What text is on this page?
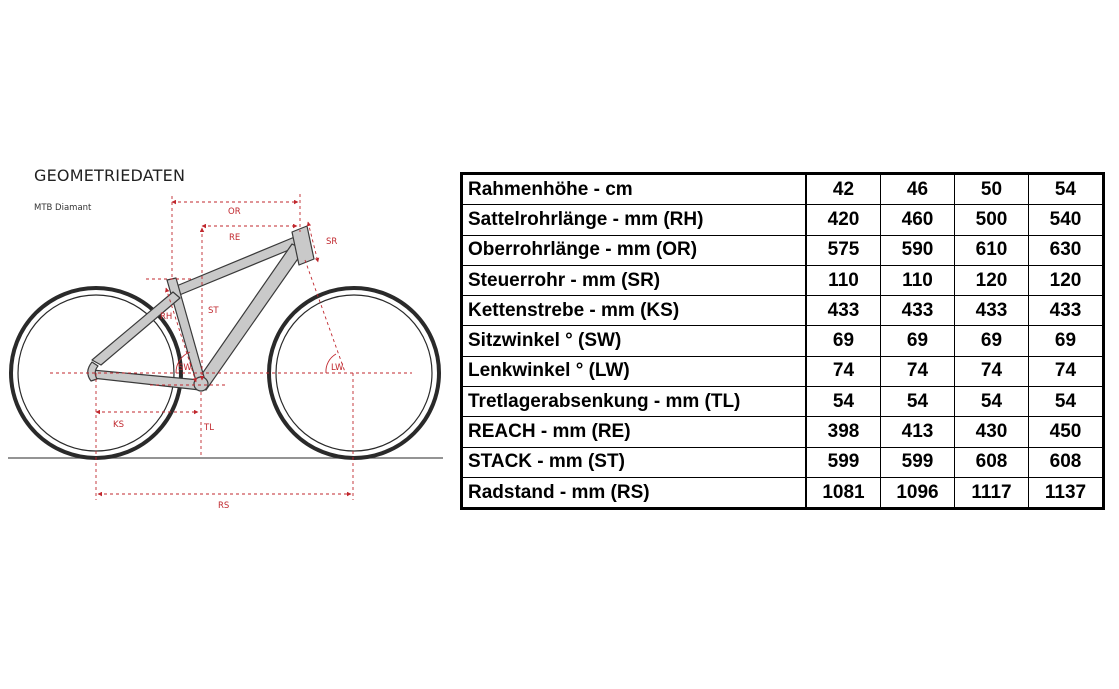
GEOMETRIEDATEN
MTB Diamant	OR
RE	SR
ST
RH
SW	LW
KS	TL
RS
Rahmenhöhe - cm	42	46	50	54
Sattelrohrlänge - mm (RH)	420	460	500	540
Oberrohrlänge - mm (OR)	575	590	610	630
Steuerrohr - mm (SR)	110	110	120	120
Kettenstrebe - mm (KS)	433	433	433	433
Sitzwinkel ° (SW)	69	69	69	69
Lenkwinkel ° (LW)	74	74	74	74
Tretlagerabsenkung - mm (TL)	54	54	54	54
REACH - mm (RE)	398	413	430	450
STACK - mm (ST)	599	599	608	608
Radstand - mm (RS)	1081	1096	1117	1137
